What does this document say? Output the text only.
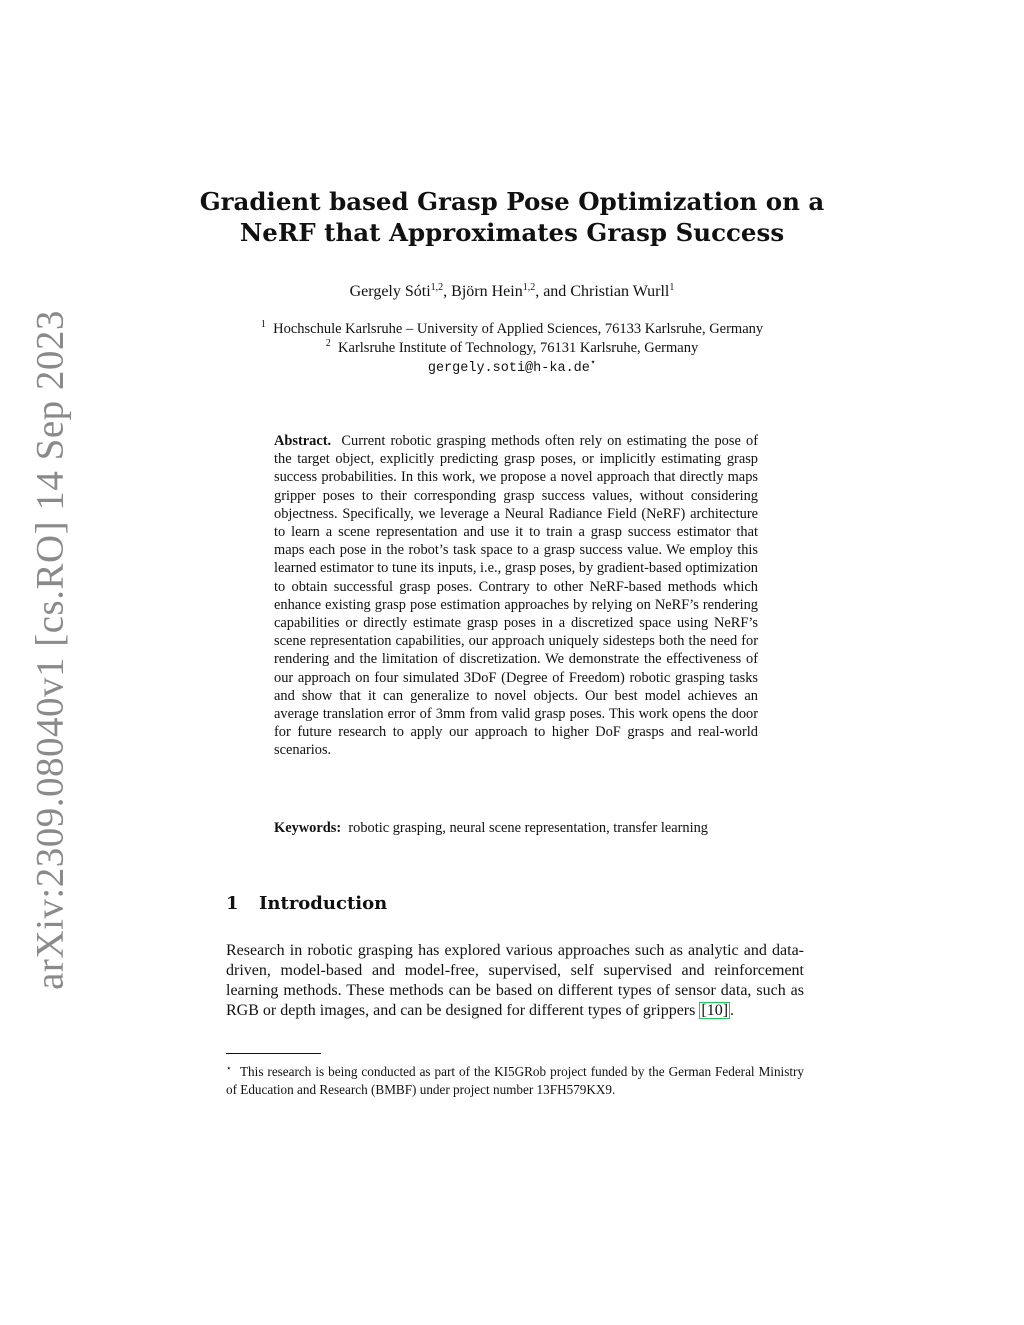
arXiv:2309.08040v1 [cs.RO] 14 Sep 2023
Gradient based Grasp Pose Optimization on a
NeRF that Approximates Grasp Success
Gergely Sóti$^{1,2}$, Björn Hein$^{1,2}$, and Christian Wurll$^1$
$^1$ Hochschule Karlsruhe – University of Applied Sciences, 76133 Karlsruhe, Germany
$^2$ Karlsruhe Institute of Technology, 76131 Karlsruhe, Germany
gergely.soti@h-ka.de⋆
Abstract. Current robotic grasping methods often rely on estimating the pose of the target object, explicitly predicting grasp poses, or implicitly estimating grasp success probabilities. In this work, we propose a novel approach that directly maps gripper poses to their corresponding grasp success values, without considering objectness. Specifically, we leverage a Neural Radiance Field (NeRF) architecture to learn a scene representation and use it to train a grasp success estimator that maps each pose in the robot’s task space to a grasp success value. We employ this learned estimator to tune its inputs, i.e., grasp poses, by gradient-based optimization to obtain successful grasp poses. Contrary to other NeRF-based methods which enhance existing grasp pose estimation approaches by relying on NeRF’s rendering capabilities or directly estimate grasp poses in a discretized space using NeRF’s scene representation capabilities, our approach uniquely sidesteps both the need for rendering and the limitation of discretization. We demonstrate the effectiveness of our approach on four simulated 3DoF (Degree of Freedom) robotic grasping tasks and show that it can generalize to novel objects. Our best model achieves an average translation error of 3mm from valid grasp poses. This work opens the door for future research to apply our approach to higher DoF grasps and real-world scenarios.
Keywords: robotic grasping, neural scene representation, transfer learning
1 Introduction
Research in robotic grasping has explored various approaches such as analytic and data-driven, model-based and model-free, supervised, self supervised and reinforcement learning methods. These methods can be based on different types of sensor data, such as RGB or depth images, and can be designed for different types of grippers [10] .
⋆ This research is being conducted as part of the KI5GRob project funded by the German Federal Ministry of Education and Research (BMBF) under project number 13FH579KX9.
